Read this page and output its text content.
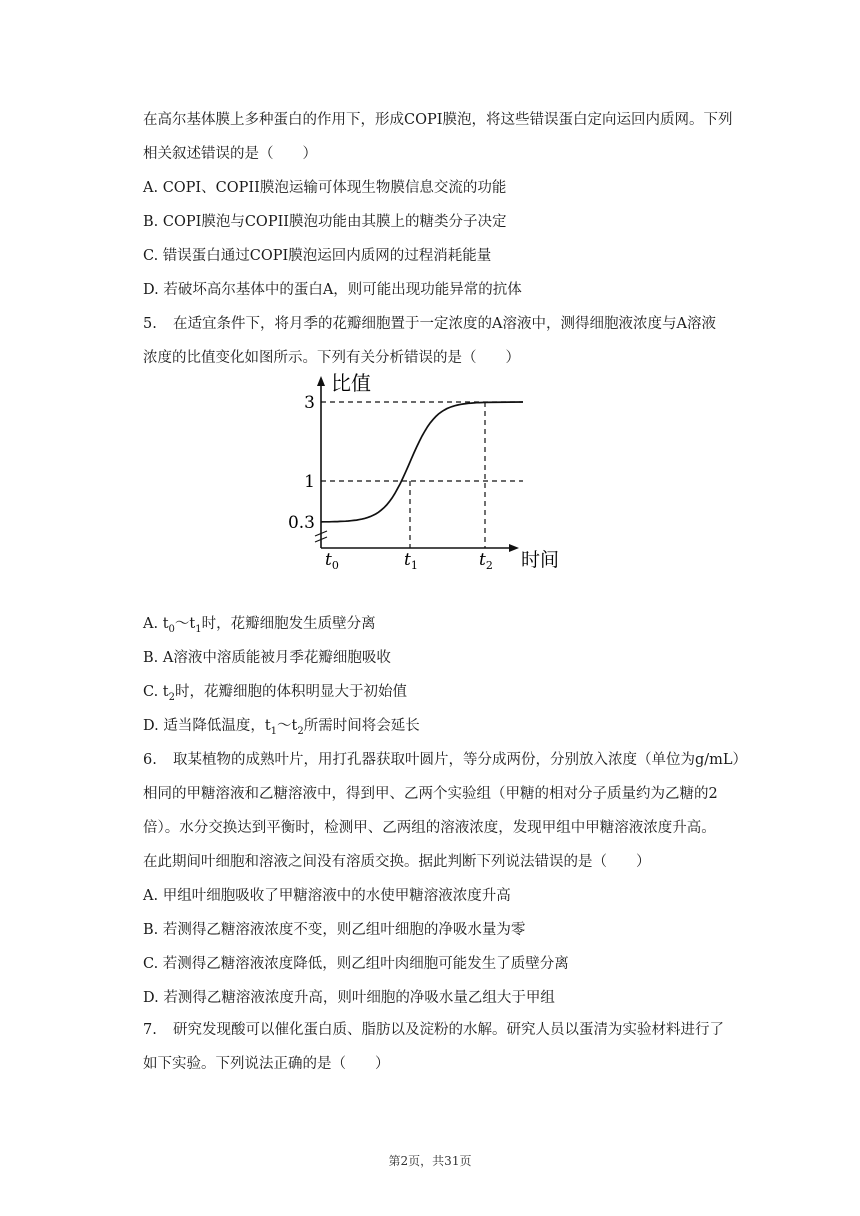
在高尔基体膜上多种蛋白的作用下，形成COPI膜泡，将这些错误蛋白定向运回内质网。下列
相关叙述错误的是（　　）
A. COPI、COPII膜泡运输可体现生物膜信息交流的功能
B. COPI膜泡与COPII膜泡功能由其膜上的糖类分子决定
C. 错误蛋白通过COPI膜泡运回内质网的过程消耗能量
D. 若破坏高尔基体中的蛋白A，则可能出现功能异常的抗体
5. 在适宜条件下，将月季的花瓣细胞置于一定浓度的A溶液中，测得细胞液浓度与A溶液
浓度的比值变化如图所示。下列有关分析错误的是（　　）
3
1
0.3
$t_0$	$t_1$	$t_2$
比值
时间
A. $t_0\sim t_1$时，花瓣细胞发生质壁分离
B. A溶液中溶质能被月季花瓣细胞吸收
C. $t_2$时，花瓣细胞的体积明显大于初始值
D. 适当降低温度，$t_1\sim t_2$所需时间将会延长
6. 取某植物的成熟叶片，用打孔器获取叶圆片，等分成两份，分别放入浓度（单位为g/mL）
相同的甲糖溶液和乙糖溶液中，得到甲、乙两个实验组（甲糖的相对分子质量约为乙糖的2
倍）。水分交换达到平衡时，检测甲、乙两组的溶液浓度，发现甲组中甲糖溶液浓度升高。
在此期间叶细胞和溶液之间没有溶质交换。据此判断下列说法错误的是（　　）
A. 甲组叶细胞吸收了甲糖溶液中的水使甲糖溶液浓度升高
B. 若测得乙糖溶液浓度不变，则乙组叶细胞的净吸水量为零
C. 若测得乙糖溶液浓度降低，则乙组叶肉细胞可能发生了质壁分离
D. 若测得乙糖溶液浓度升高，则叶细胞的净吸水量乙组大于甲组
7. 研究发现酸可以催化蛋白质、脂肪以及淀粉的水解。研究人员以蛋清为实验材料进行了
如下实验。下列说法正确的是（　　）
第2页，共31页
